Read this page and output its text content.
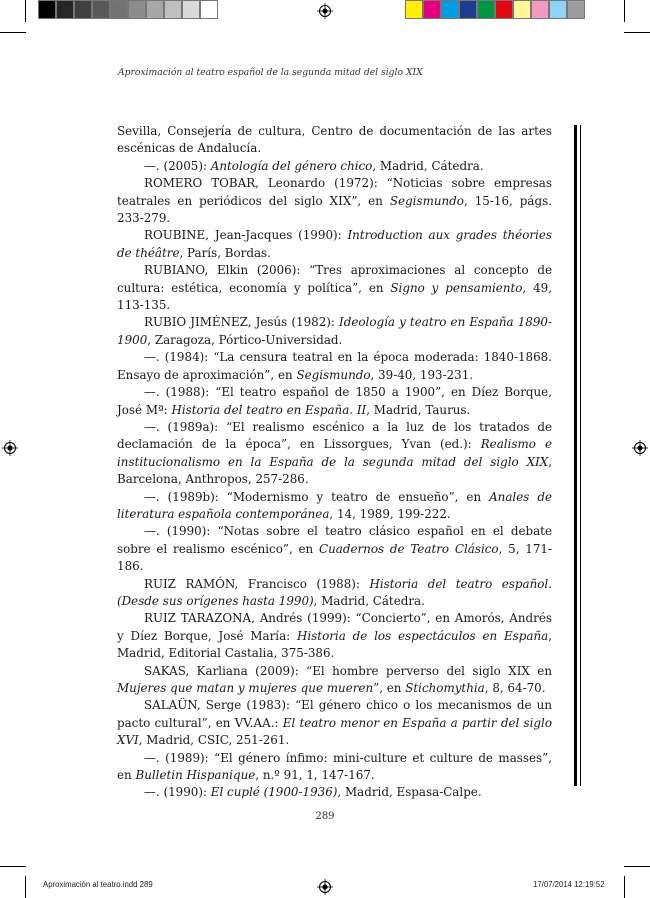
Aproximación al teatro español de la segunda mitad del siglo XIX

Sevilla, Consejería de cultura, Centro de documentación de las artes escénicas de Andalucía.

—. (2005): Antología del género chico, Madrid, Cátedra.

ROMERO TOBAR, Leonardo (1972): “Noticias sobre empresas teatrales en periódicos del siglo XIX”, en Segismundo, 15-16, págs. 233-279.

ROUBINE, Jean-Jacques (1990): Introduction aux grades théories de théâtre, París, Bordas.

RUBIANO, Elkin (2006): “Tres aproximaciones al concepto de cultura: estética, economía y política”, en Signo y pensamiento, 49, 113-135.

RUBIO JIMÉNEZ, Jesús (1982): Ideología y teatro en España 1890-1900, Zaragoza, Pórtico-Universidad.

—. (1984): “La censura teatral en la época moderada: 1840-1868. Ensayo de aproximación”, en Segismundo, 39-40, 193-231.

—. (1988): “El teatro español de 1850 a 1900”, en Díez Borque, José Mª: Historia del teatro en España. II, Madrid, Taurus.

—. (1989a): “El realismo escénico a la luz de los tratados de declamación de la época”, en Lissorgues, Yvan (ed.): Realismo e institucionalismo en la España de la segunda mitad del siglo XIX, Barcelona, Anthropos, 257-286.

—. (1989b): “Modernismo y teatro de ensueño”, en Anales de literatura española contemporánea, 14, 1989, 199-222.

—. (1990): “Notas sobre el teatro clásico español en el debate sobre el realismo escénico”, en Cuadernos de Teatro Clásico, 5, 171-186.

RUIZ RAMÓN, Francisco (1988): Historia del teatro español. (Desde sus orígenes hasta 1990), Madrid, Cátedra.

RUIZ TARAZONA, Andrés (1999): “Concierto”, en Amorós, Andrés y Díez Borque, José María: Historia de los espectáculos en España, Madrid, Editorial Castalia, 375-386.

SAKAS, Karliana (2009): “El hombre perverso del siglo XIX en Mujeres que matan y mujeres que mueren”, en Stichomythia, 8, 64-70.

SALAÜN, Serge (1983): “El género chico o los mecanismos de un pacto cultural”, en VV.AA.: El teatro menor en España a partir del siglo XVI, Madrid, CSIC, 251-261.

—. (1989): “El género ínfimo: mini-culture et culture de masses”, en Bulletin Hispanique, n.º 91, 1, 147-167.

—. (1990): El cuplé (1900-1936), Madrid, Espasa-Calpe.

289
Aproximación al teatro.indd 289	17/07/2014 12:19:52
